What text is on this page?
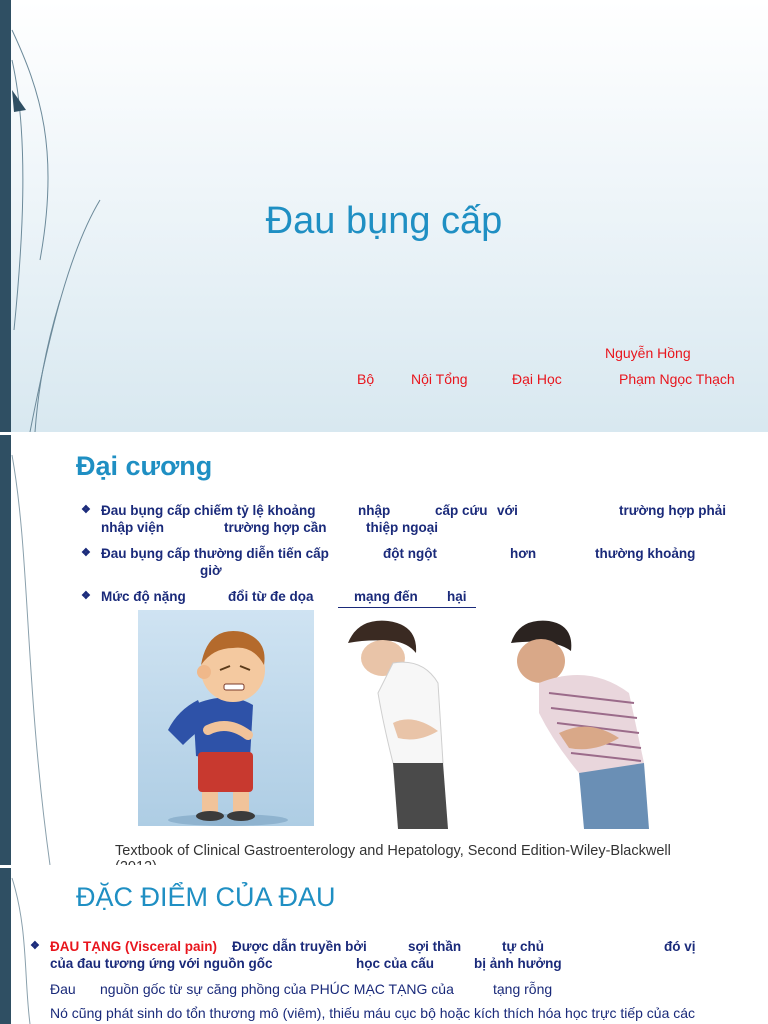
Đau bụng cấp
Nguyễn Hồng
Bộ	Nội Tổng	Đại Học	Phạm Ngọc Thạch
Đại cương
❖ Đau bụng cấp chiếm tỷ lệ khoảng	nhập	cấp cứu với	trường hợp phải
nhập viện	trường hợp cần	thiệp ngoại
❖ Đau bụng cấp thường diễn tiến cấp	đột ngột	hơn	thường khoảng
giờ
❖ Mức độ nặng	đổi từ đe dọa	mạng đến hại
Textbook of Clinical Gastroenterology and Hepatology, Second Edition-Wiley-Blackwell
ĐẶC ĐIỂM CỦA ĐAU
❖ ĐAU TẠNG (Visceral pain) Được dẫn truyền bởi	sợi thần	tự chủ	đó vị
của đau tương ứng với nguồn gốc	học của cấu	bị ảnh hưởng
Đau nguồn gốc từ sự căng phồng của PHÚC MẠC TẠNG của	tạng rỗng
Nó cũng phát sinh do tổn thương mô (viêm), thiếu máu cục bộ hoặc kích thích hóa học trực tiếp của các
